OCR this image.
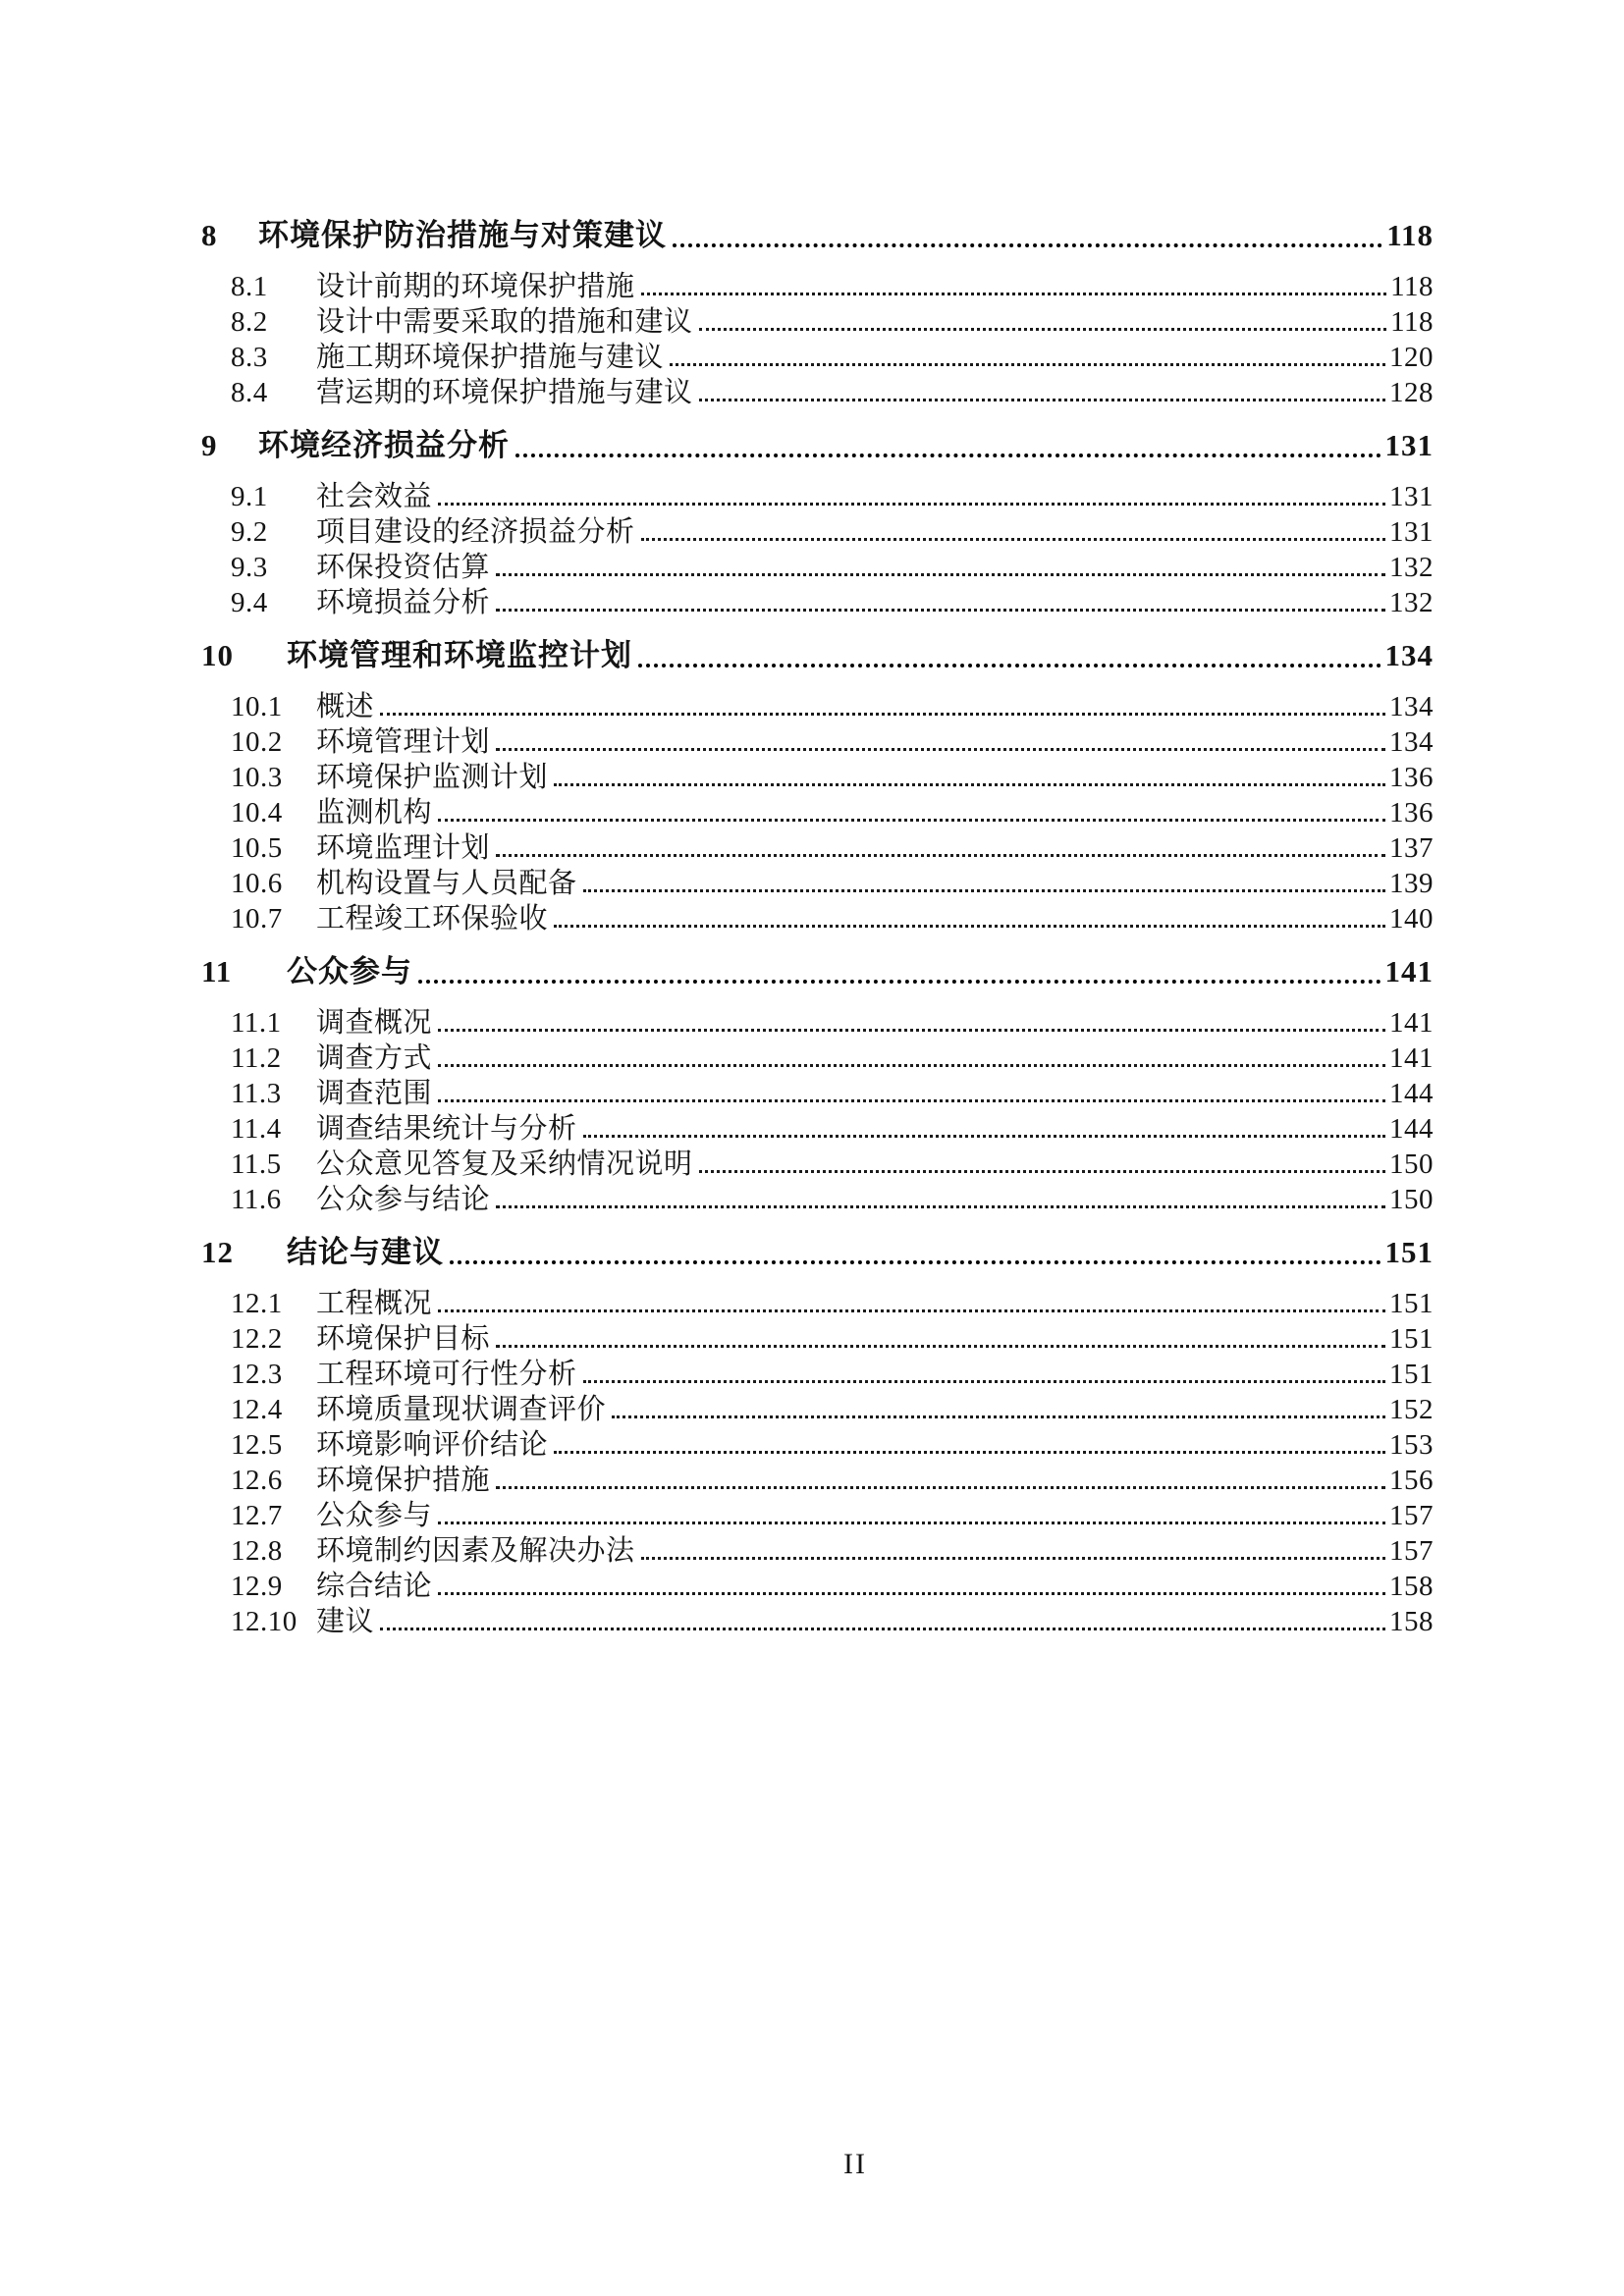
8	环境保护防治措施与对策建议	118
8.1	设计前期的环境保护措施	118
8.2	设计中需要采取的措施和建议	118
8.3	施工期环境保护措施与建议	120
8.4	营运期的环境保护措施与建议	128
9	环境经济损益分析	131
9.1	社会效益	131
9.2	项目建设的经济损益分析	131
9.3	环保投资估算	132
9.4	环境损益分析	132
10	环境管理和环境监控计划	134
10.1	概述	134
10.2	环境管理计划	134
10.3	环境保护监测计划	136
10.4	监测机构	136
10.5	环境监理计划	137
10.6	机构设置与人员配备	139
10.7	工程竣工环保验收	140
11	公众参与	141
11.1	调查概况	141
11.2	调查方式	141
11.3	调查范围	144
11.4	调查结果统计与分析	144
11.5	公众意见答复及采纳情况说明	150
11.6	公众参与结论	150
12	结论与建议	151
12.1	工程概况	151
12.2	环境保护目标	151
12.3	工程环境可行性分析	151
12.4	环境质量现状调查评价	152
12.5	环境影响评价结论	153
12.6	环境保护措施	156
12.7	公众参与	157
12.8	环境制约因素及解决办法	157
12.9	综合结论	158
12.10 建议	158
II
